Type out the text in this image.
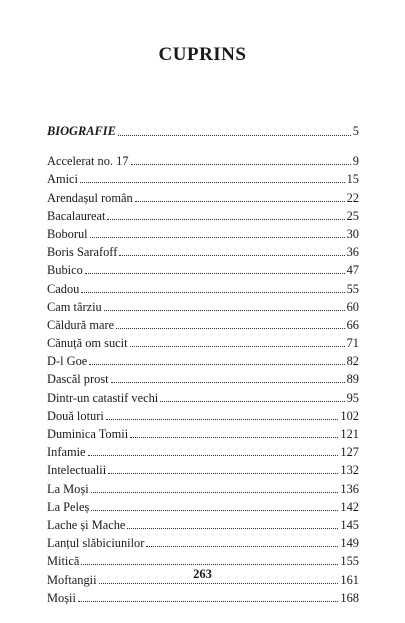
CUPRINS
BIOGRAFIE	5
Accelerat no. 17	9
Amici	15
Arendașul român	22
Bacalaureat	25
Boborul	30
Boris Sarafoff	36
Bubico	47
Cadou	55
Cam târziu	60
Căldură mare	66
Cănuță om sucit	71
D-l Goe	82
Dascăl prost	89
Dintr-un catastif vechi	95
Două loturi	102
Duminica Tomii	121
Infamie	127
Intelectualii	132
La Moși	136
La Peleș	142
Lache și Mache	145
Lanțul slăbiciunilor	149
Mitică	155
Moftangii	161
Moșii	168
263
